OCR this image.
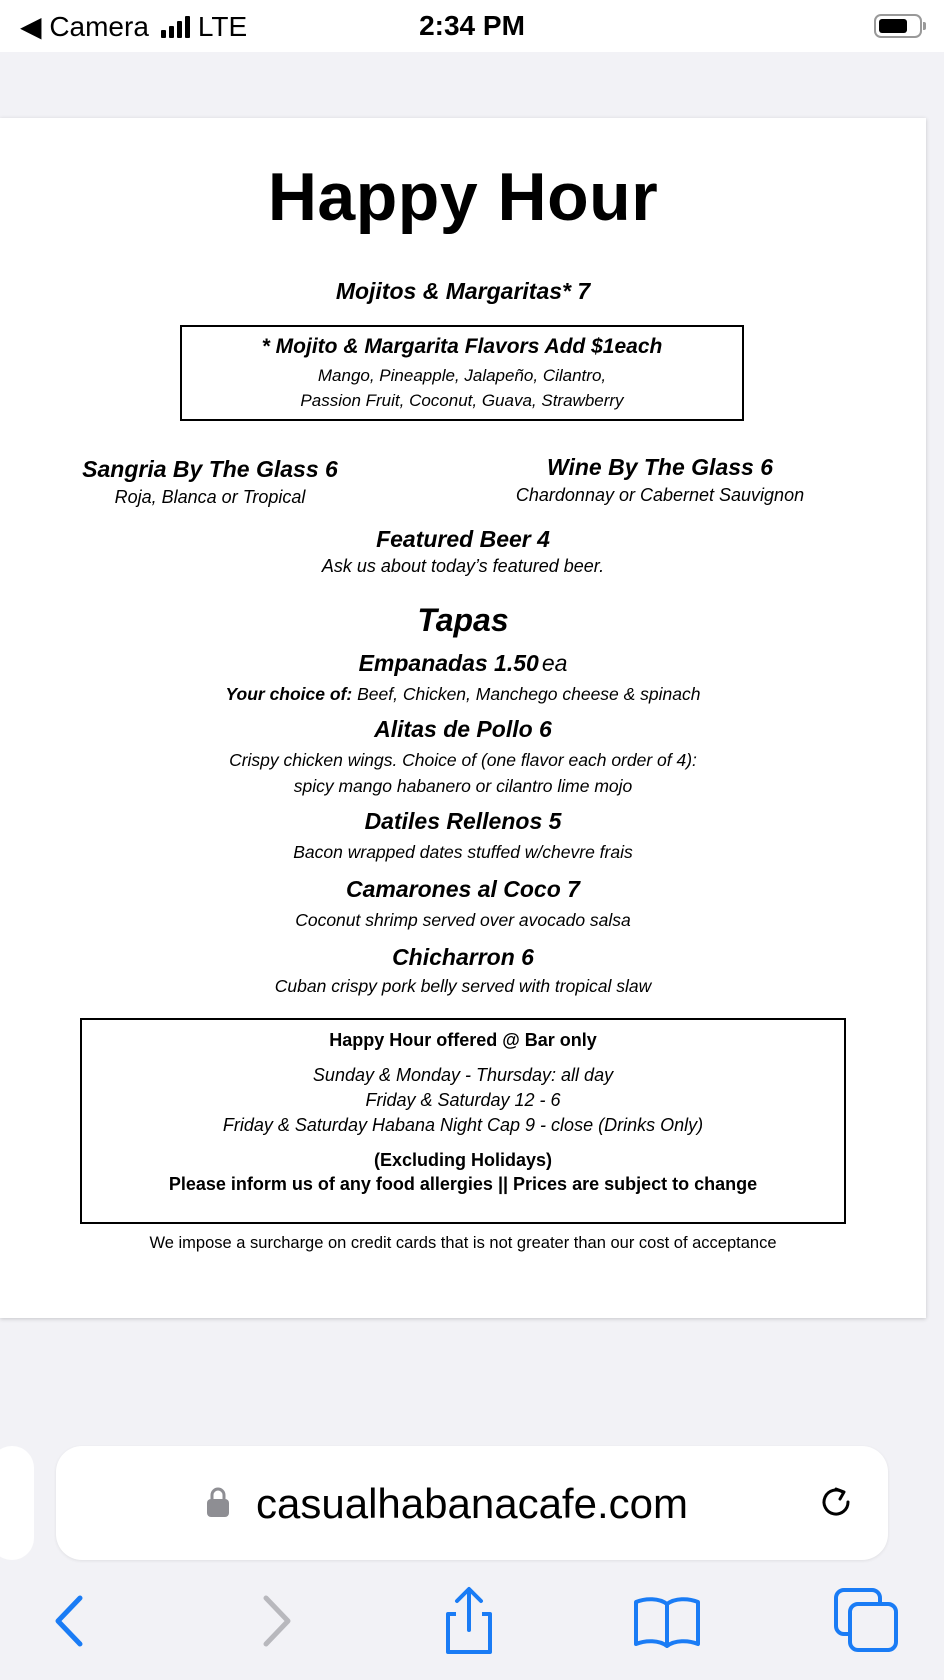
◀ Camera LTE	2:34 PM
Happy Hour
Mojitos & Margaritas* 7
* Mojito & Margarita Flavors Add $1each
Mango, Pineapple, Jalapeño, Cilantro,
Passion Fruit, Coconut, Guava, Strawberry
Sangria By The Glass 6
Roja, Blanca or Tropical
Wine By The Glass 6
Chardonnay or Cabernet Sauvignon
Featured Beer 4
Ask us about today’s featured beer.
Tapas
Empanadas 1.50 ea
Your choice of: Beef, Chicken, Manchego cheese & spinach
Alitas de Pollo 6
Crispy chicken wings. Choice of (one flavor each order of 4):
spicy mango habanero or cilantro lime mojo
Datiles Rellenos 5
Bacon wrapped dates stuffed w/chevre frais
Camarones al Coco 7
Coconut shrimp served over avocado salsa
Chicharron 6
Cuban crispy pork belly served with tropical slaw
Happy Hour offered @ Bar only
Sunday & Monday - Thursday: all day
Friday & Saturday 12 - 6
Friday & Saturday Habana Night Cap 9 - close (Drinks Only)
(Excluding Holidays)
Please inform us of any food allergies || Prices are subject to change
We impose a surcharge on credit cards that is not greater than our cost of acceptance
casualhabanacafe.com
